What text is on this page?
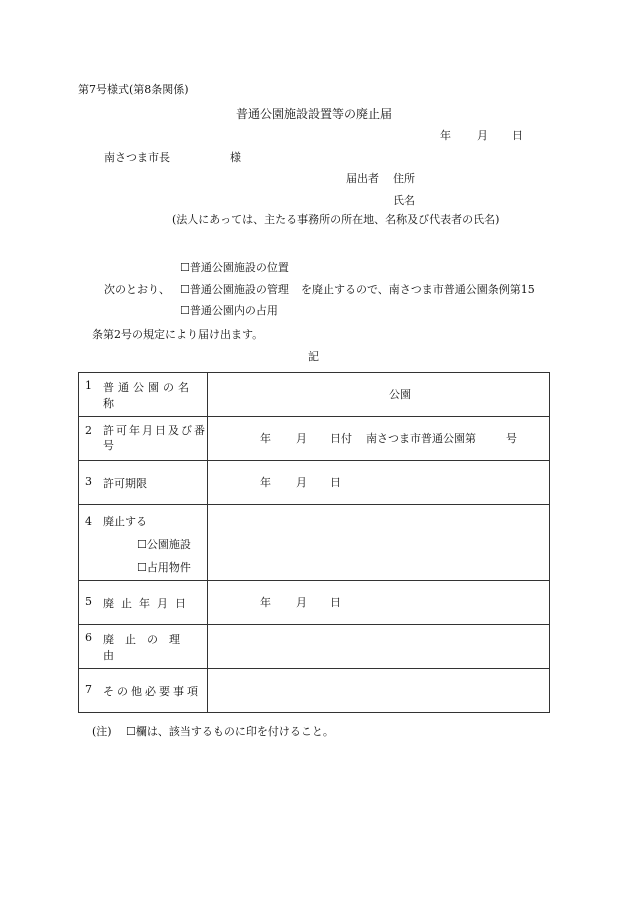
第7号様式(第8条関係)
普通公園施設設置等の廃止届
年 月 日
南さつま市長	様
届出者 住所
氏名
(法人にあっては、主たる事務所の所在地、名称及び代表者の氏名)
☐普通公園施設の位置
次のとおり、 ☐普通公園施設の管理 を廃止するので、南さつま市普通公園条例第15
☐普通公園内の占用
条第2号の規定により届け出ます。
記
1 普通公園の名称	公園

2 許可年月日及び番号	年 月 日付 南さつま市普通公園第 号

3 許可期限	年 月 日

4 廃止する
☐公園施設
☐占用物件	

5 廃止年月日	年 月 日

6 廃止の理由	

7 その他必要事項	

(注) ☐欄は、該当するものに印を付けること。
